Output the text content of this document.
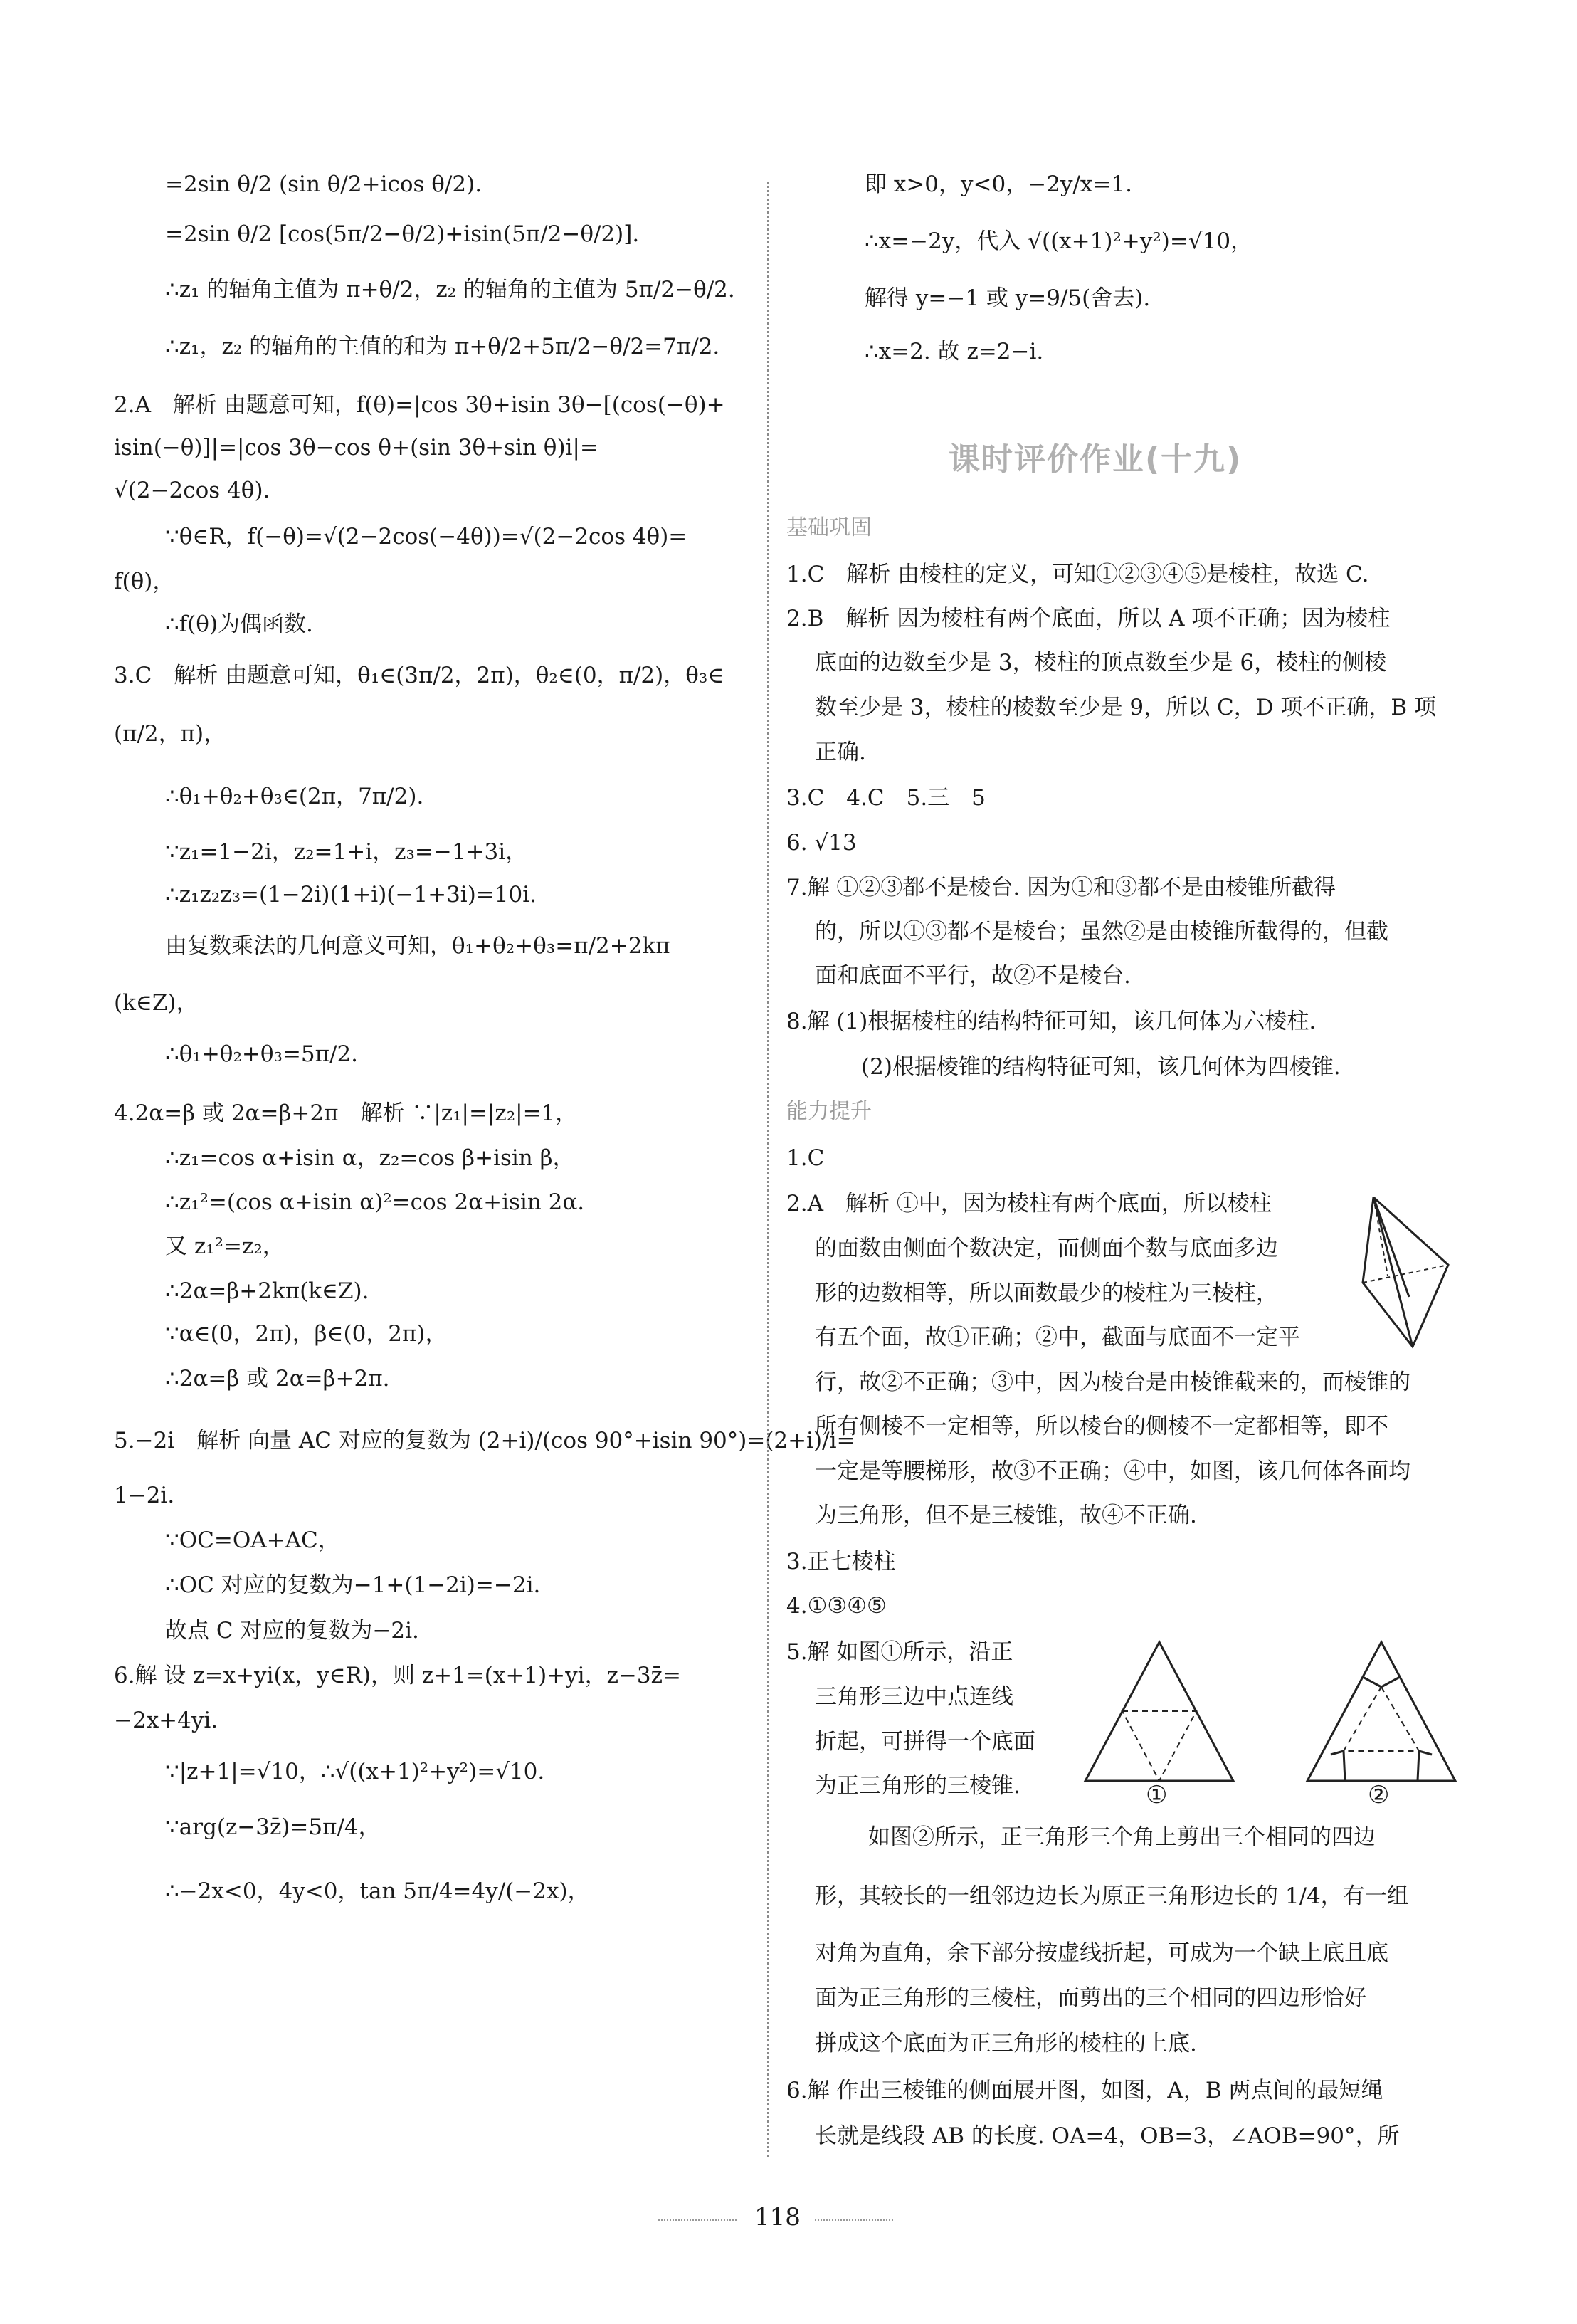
=2sin θ/2 (sin θ/2+icos θ/2).
=2sin θ/2 [cos(5π/2−θ/2)+isin(5π/2−θ/2)].
∴z₁ 的辐角主值为 π+θ/2，z₂ 的辐角的主值为 5π/2−θ/2.
∴z₁，z₂ 的辐角的主值的和为 π+θ/2+5π/2−θ/2=7π/2.
2.A　解析 由题意可知，f(θ)=|cos 3θ+isin 3θ−[(cos(−θ)+
isin(−θ)]|=|cos 3θ−cos θ+(sin 3θ+sin θ)i|=
√(2−2cos 4θ).
∵θ∈R，f(−θ)=√(2−2cos(−4θ))=√(2−2cos 4θ)=
f(θ)，
∴f(θ)为偶函数.
3.C　解析 由题意可知，θ₁∈(3π/2，2π)，θ₂∈(0，π/2)，θ₃∈
(π/2，π)，
∴θ₁+θ₂+θ₃∈(2π，7π/2).
∵z₁=1−2i，z₂=1+i，z₃=−1+3i，
∴z₁z₂z₃=(1−2i)(1+i)(−1+3i)=10i.
由复数乘法的几何意义可知，θ₁+θ₂+θ₃=π/2+2kπ
(k∈Z)，
∴θ₁+θ₂+θ₃=5π/2.
4.2α=β 或 2α=β+2π　解析 ∵|z₁|=|z₂|=1，
∴z₁=cos α+isin α，z₂=cos β+isin β，
∴z₁²=(cos α+isin α)²=cos 2α+isin 2α.
又 z₁²=z₂，
∴2α=β+2kπ(k∈Z).
∵α∈(0，2π)，β∈(0，2π)，
∴2α=β 或 2α=β+2π.
5.−2i　解析 向量 AC 对应的复数为 (2+i)/(cos 90°+isin 90°)=(2+i)/i=
1−2i.
∵OC=OA+AC，
∴OC 对应的复数为−1+(1−2i)=−2i.
故点 C 对应的复数为−2i.
6.解 设 z=x+yi(x，y∈R)，则 z+1=(x+1)+yi，z−3z̄=
−2x+4yi.
∵|z+1|=√10，∴√((x+1)²+y²)=√10.
∵arg(z−3z̄)=5π/4，
∴−2x<0，4y<0，tan 5π/4=4y/(−2x)，
即 x>0，y<0，−2y/x=1.
∴x=−2y，代入 √((x+1)²+y²)=√10，
解得 y=−1 或 y=9/5(舍去).
∴x=2. 故 z=2−i.
课时评价作业(十九)
基础巩固
1.C　解析 由棱柱的定义，可知①②③④⑤是棱柱，故选 C.
2.B　解析 因为棱柱有两个底面，所以 A 项不正确；因为棱柱
底面的边数至少是 3，棱柱的顶点数至少是 6，棱柱的侧棱
数至少是 3，棱柱的棱数至少是 9，所以 C，D 项不正确，B 项
正确.
3.C　4.C　5.三　5
6. √13
7.解 ①②③都不是棱台. 因为①和③都不是由棱锥所截得
的，所以①③都不是棱台；虽然②是由棱锥所截得的，但截
面和底面不平行，故②不是棱台.
8.解 (1)根据棱柱的结构特征可知，该几何体为六棱柱.
(2)根据棱锥的结构特征可知，该几何体为四棱锥.
能力提升
1.C
2.A　解析 ①中，因为棱柱有两个底面，所以棱柱
的面数由侧面个数决定，而侧面个数与底面多边
形的边数相等，所以面数最少的棱柱为三棱柱，
有五个面，故①正确；②中，截面与底面不一定平
行，故②不正确；③中，因为棱台是由棱锥截来的，而棱锥的
所有侧棱不一定相等，所以棱台的侧棱不一定都相等，即不
一定是等腰梯形，故③不正确；④中，如图，该几何体各面均
为三角形，但不是三棱锥，故④不正确.
3.正七棱柱
4.①③④⑤
5.解 如图①所示，沿正
三角形三边中点连线
折起，可拼得一个底面
为正三角形的三棱锥.
如图②所示，正三角形三个角上剪出三个相同的四边
形，其较长的一组邻边边长为原正三角形边长的 1/4，有一组
对角为直角，余下部分按虚线折起，可成为一个缺上底且底
面为正三角形的三棱柱，而剪出的三个相同的四边形恰好
拼成这个底面为正三角形的棱柱的上底.
6.解 作出三棱锥的侧面展开图，如图，A，B 两点间的最短绳
长就是线段 AB 的长度. OA=4，OB=3，∠AOB=90°，所
①	②
118
